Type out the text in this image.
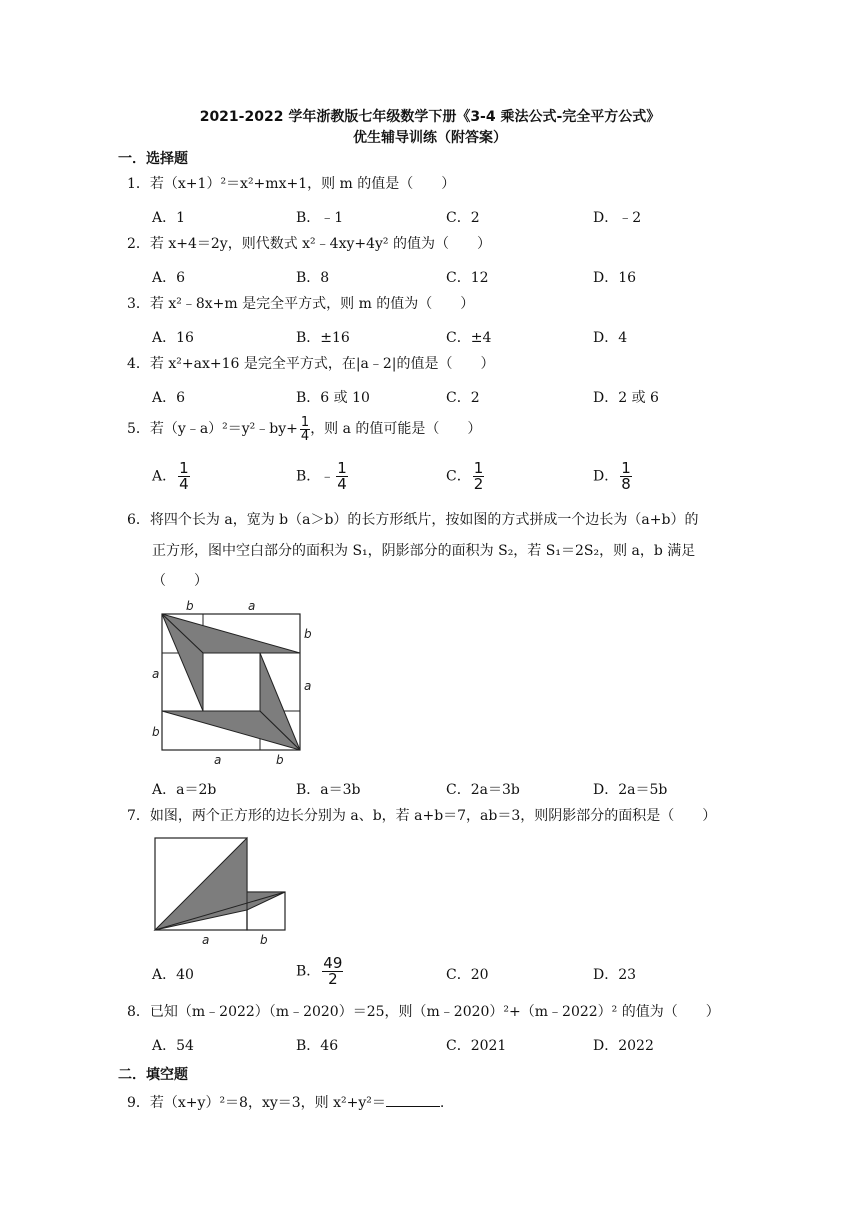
2021-2022 学年浙教版七年级数学下册《3-4 乘法公式-完全平方公式》
优生辅导训练（附答案）
一．选择题
1．若（x+1）²＝x²+mx+1，则 m 的值是（　　）
A．1	B．﹣1	C．2	D．﹣2
2．若 x+4＝2y，则代数式 x²﹣4xy+4y² 的值为（　　）
A．6	B．8	C．12	D．16
3．若 x²﹣8x+m 是完全平方式，则 m 的值为（　　）
A．16	B．±16	C．±4	D．4
4．若 x²+ax+16 是完全平方式，在|a﹣2|的值是（　　）
A．6	B．6 或 10	C．2	D．2 或 6
5．若（y﹣a）²＝y²﹣by+ $\frac{1}{4}$ ，则 a 的值可能是（　　）
A． $\frac{1}{4}$	B．﹣ $\frac{1}{4}$	C． $\frac{1}{2}$	D． $\frac{1}{8}$
6．将四个长为 a，宽为 b（a＞b）的长方形纸片，按如图的方式拼成一个边长为（a+b）的
正方形，图中空白部分的面积为 S₁，阴影部分的面积为 S₂，若 S₁＝2S₂，则 a，b 满足
（　　）
b	a
b
a
a
b
a	b
A．a＝2b	B．a＝3b	C．2a＝3b	D．2a＝5b
7．如图，两个正方形的边长分别为 a、b，若 a+b＝7，ab＝3，则阴影部分的面积是（　　）
a	b
A．40	B． $\frac{49}{2}$	C．20	D．23
8．已知（m﹣2022）（m﹣2020）＝25，则（m﹣2020）²+（m﹣2022）² 的值为（　　）
A．54	B．46	C．2021	D．2022
二．填空题
9．若（x+y）²＝8，xy＝3，则 x²+y²＝	.
